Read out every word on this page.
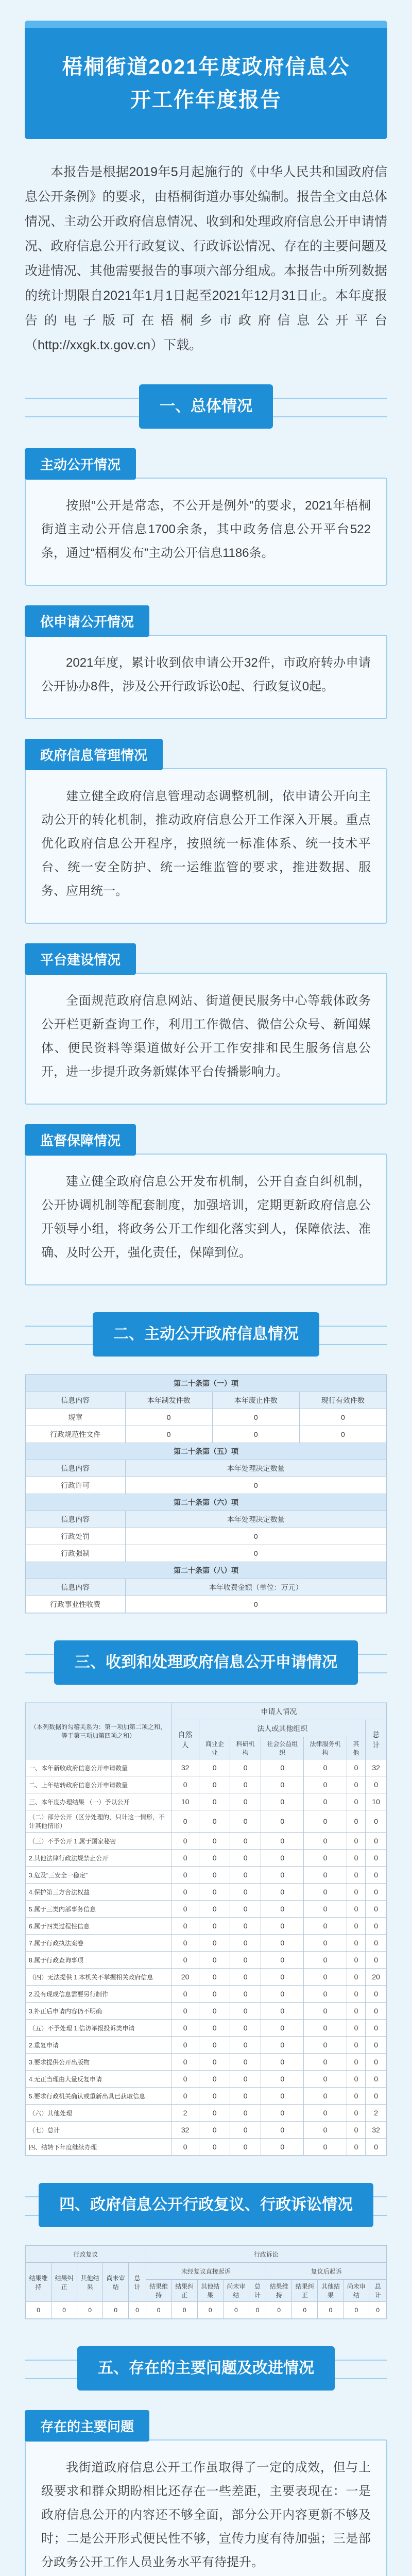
梧桐街道2021年度政府信息公
开工作年度报告
本报告是根据2019年5月起施行的《中华人民共和国政府信息公开条例》的要求，由梧桐街道办事处编制。报告全文由总体情况、主动公开政府信息情况、收到和处理政府信息公开申请情况、政府信息公开行政复议、行政诉讼情况、存在的主要问题及改进情况、其他需要报告的事项六部分组成。本报告中所列数据的统计期限自2021年1月1日起至2021年12月31日止。本年度报告的电子版可在梧桐乡市政府信息公开平台（http://xxgk.tx.gov.cn）下载。
一、总体情况
主动公开情况

按照“公开是常态，不公开是例外”的要求，2021年梧桐街道主动公开信息1700余条，其中政务信息公开平台522条，通过“梧桐发布”主动公开信息1186条。

依申请公开情况

2021年度，累计收到依申请公开32件，市政府转办申请公开协办8件，涉及公开行政诉讼0起、行政复议0起。

政府信息管理情况

建立健全政府信息管理动态调整机制，依申请公开向主动公开的转化机制，推动政府信息公开工作深入开展。重点优化政府信息公开程序，按照统一标准体系、统一技术平台、统一安全防护、统一运维监管的要求，推进数据、服务、应用统一。

平台建设情况

全面规范政府信息网站、街道便民服务中心等载体政务公开栏更新查询工作，利用工作微信、微信公众号、新闻媒体、便民资料等渠道做好公开工作安排和民生服务信息公开，进一步提升政务新媒体平台传播影响力。

监督保障情况

建立健全政府信息公开发布机制，公开自查自纠机制，公开协调机制等配套制度，加强培训，定期更新政府信息公开领导小组，将政务公开工作细化落实到人，保障依法、准确、及时公开，强化责任，保障到位。

二、主动公开政府信息情况
第二十条第（一）项			
信息内容	本年制发件数	本年废止件数	现行有效件数
规章	0	0	0
行政规范性文件	0	0	0
第二十条第（五）项			
信息内容	本年处理决定数量		
行政许可	0		
第二十条第（六）项			
信息内容	本年处理决定数量		
行政处罚	0		
行政强制	0		
第二十条第（八）项			
信息内容	本年收费金额（单位：万元）		
行政事业性收费	0		
三、收到和处理政府信息公开申请情况
（本列数据的勾稽关系为：第一项加第二项之和，等于第三项加第四项之和）	申请人情况						
	自然人	法人或其他组织					总计
		商业企业	科研机构	社会公益组织	法律服务机构	其他	
一、本年新收政府信息公开申请数量	32	0	0	0	0	0	32
二、上年结转政府信息公开申请数量	0	0	0	0	0	0	0
三、本年度办理结果 （一）予以公开	10	0	0	0	0	0	10
（二）部分公开（区分处理的，只计这一情形，不计其他情形）	0	0	0	0	0	0	0
（三）不予公开 1.属于国家秘密	0	0	0	0	0	0	0
2.其他法律行政法规禁止公开	0	0	0	0	0	0	0
3.危及“三安全一稳定”	0	0	0	0	0	0	0
4.保护第三方合法权益	0	0	0	0	0	0	0
5.属于三类内部事务信息	0	0	0	0	0	0	0
6.属于四类过程性信息	0	0	0	0	0	0	0
7.属于行政执法案卷	0	0	0	0	0	0	0
8.属于行政查询事项	0	0	0	0	0	0	0
（四）无法提供 1.本机关不掌握相关政府信息	20	0	0	0	0	0	20
2.没有现成信息需要另行制作	0	0	0	0	0	0	0
3.补正后申请内容仍不明确	0	0	0	0	0	0	0
（五）不予处理 1.信访举报投诉类申请	0	0	0	0	0	0	0
2.重复申请	0	0	0	0	0	0	0
3.要求提供公开出版物	0	0	0	0	0	0	0
4.无正当理由大量反复申请	0	0	0	0	0	0	0
5.要求行政机关确认或重新出具已获取信息	0	0	0	0	0	0	0
（六）其他处理	2	0	0	0	0	0	2
（七）总计	32	0	0	0	0	0	32
四、结转下年度继续办理	0	0	0	0	0	0	0
四、政府信息公开行政复议、行政诉讼情况
行政复议					行政诉讼									
结果维持	结果纠正	其他结果	尚未审结	总计	未经复议直接起诉					复议后起诉				
					结果维持	结果纠正	其他结果	尚未审结	总计	结果维持	结果纠正	其他结果	尚未审结	总计
0	0	0	0	0	0	0	0	0	0	0	0	0	0	0
五、存在的主要问题及改进情况
存在的主要问题

我街道政府信息公开工作虽取得了一定的成效，但与上级要求和群众期盼相比还存在一些差距，主要表现在：一是政府信息公开的内容还不够全面，部分公开内容更新不够及时；二是公开形式便民性不够，宣传力度有待加强；三是部分政务公开工作人员业务水平有待提升。
